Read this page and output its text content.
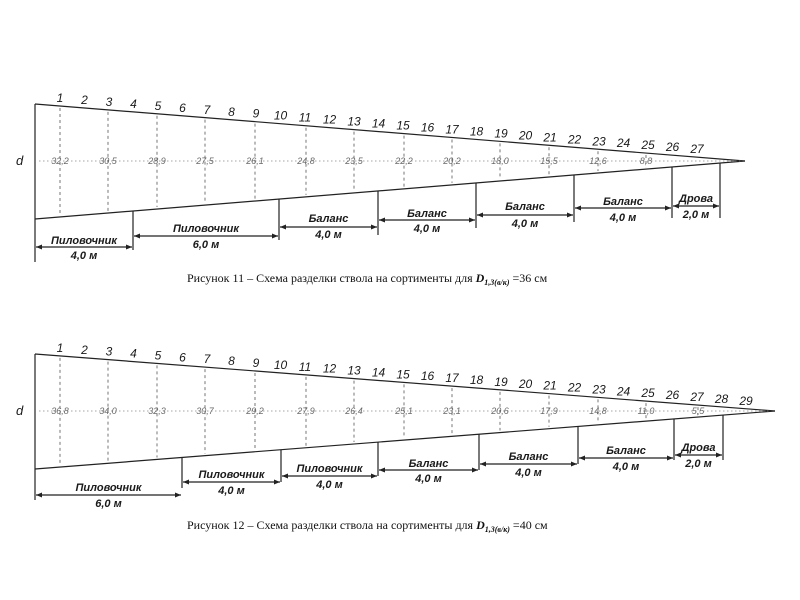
d
1 2 3 4 5 6 7 8 9 10 11 12 13 14 15 16 17 18 19 20 21 22 23 24 25 26 27
32,2	30,5	28,9	27,5	26,1	24,8	23,5	22,2	20,2	18,0	15,5	12,6	8,8
Пиловочник
4,0 м
Пиловочник
6,0 м
Баланс
4,0 м
Баланс
4,0 м
Баланс
4,0 м
Баланс
4,0 м
Дрова
2,0 м
Рисунок 11 – Схема разделки ствола на сортименты для $D_{1,3(в/к)} =36$ см
d
1 2 3 4 5 6 7 8 9 10 11 12 13 14 15 16 17 18 19 20 21 22 23 24 25 26 27 28 29
36,8	34,0	32,3	30,7	29,2	27,9	26,4	25,1	23,1	20,6	17,9	14,8	11,0	5,5
Пиловочник
6,0 м
Пиловочник
4,0 м
Пиловочник
4,0 м
Баланс
4,0 м
Баланс
4,0 м
Баланс
4,0 м
Дрова
2,0 м
Рисунок 12 – Схема разделки ствола на сортименты для $D_{1,3(в/к)} =40$ см
